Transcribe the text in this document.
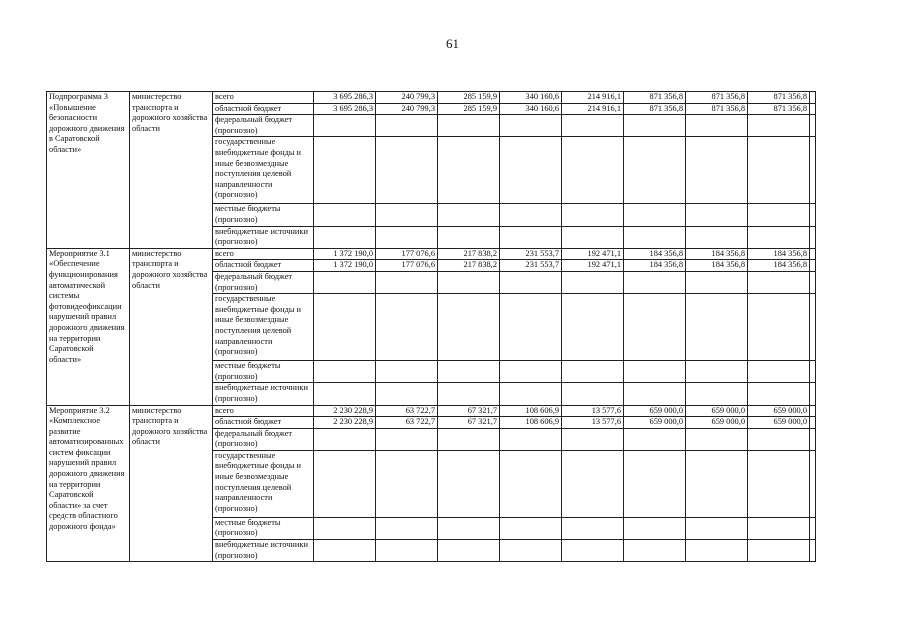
61
Подпрограмма 3 «Повышение безопасности дорожного движения в Саратовской области»	министерство транспорта и дорожного хозяйства области	всего	3 695 286,3	240 799,3	285 159,9	340 160,6	214 916,1	871 356,8	871 356,8	871 356,8	
		областной бюджет	3 695 286,3	240 799,3	285 159,9	340 160,6	214 916,1	871 356,8	871 356,8	871 356,8	
		федеральный бюджет (прогнозно)									
		государственные внебюджетные фонды и иные безвозмездные поступления целевой направленности (прогнозно)									
		местные бюджеты (прогнозно)									
		внебюджетные источники (прогнозно)									
Мероприятие 3.1 «Обеспечение функционирования автоматической системы фотовидеофиксации нарушений правил дорожного движения на территории Саратовской области»	министерство транспорта и дорожного хозяйства области	всего	1 372 190,0	177 076,6	217 838,2	231 553,7	192 471,1	184 356,8	184 356,8	184 356,8	
		областной бюджет	1 372 190,0	177 076,6	217 838,2	231 553,7	192 471,1	184 356,8	184 356,8	184 356,8	
		федеральный бюджет (прогнозно)									
		государственные внебюджетные фонды и иные безвозмездные поступления целевой направленности (прогнозно)									
		местные бюджеты (прогнозно)									
		внебюджетные источники (прогнозно)									
Мероприятие 3.2 «Комплексное развитие автоматизированных систем фиксации нарушений правил дорожного движения на территории Саратовской области» за счет средств областного дорожного фонда»	министерство транспорта и дорожного хозяйства области	всего	2 230 228,9	63 722,7	67 321,7	108 606,9	13 577,6	659 000,0	659 000,0	659 000,0	
		областной бюджет	2 230 228,9	63 722,7	67 321,7	108 606,9	13 577,6	659 000,0	659 000,0	659 000,0	
		федеральный бюджет (прогнозно)									
		государственные внебюджетные фонды и иные безвозмездные поступления целевой направленности (прогнозно)									
		местные бюджеты (прогнозно)									
		внебюджетные источники (прогнозно)									
